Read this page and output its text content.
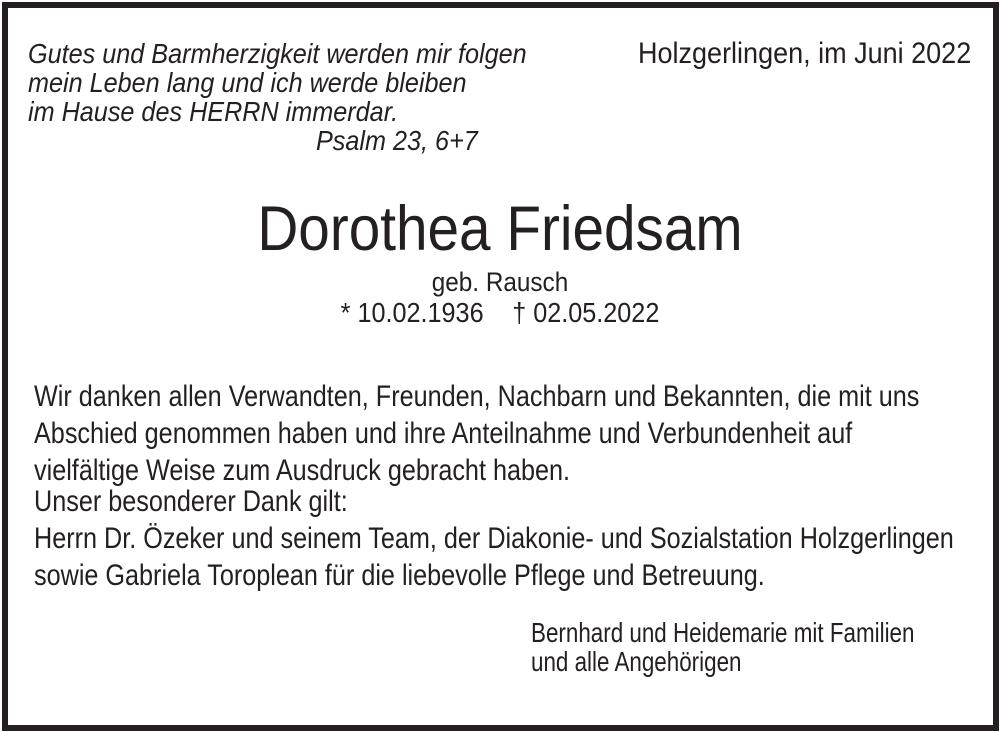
Gutes und Barmherzigkeit werden mir folgen
mein Leben lang und ich werde bleiben
im Hause des HERRN immerdar.
Psalm 23, 6+7
Holzgerlingen, im Juni 2022
Dorothea Friedsam
geb. Rausch
* 10.02.1936 † 02.05.2022
Wir danken allen Verwandten, Freunden, Nachbarn und Bekannten, die mit uns
Abschied genommen haben und ihre Anteilnahme und Verbundenheit auf
vielfältige Weise zum Ausdruck gebracht haben.
Unser besonderer Dank gilt:
Herrn Dr. Özeker und seinem Team, der Diakonie- und Sozialstation Holzgerlingen
sowie Gabriela Toroplean für die liebevolle Pflege und Betreuung.
Bernhard und Heidemarie mit Familien
und alle Angehörigen
